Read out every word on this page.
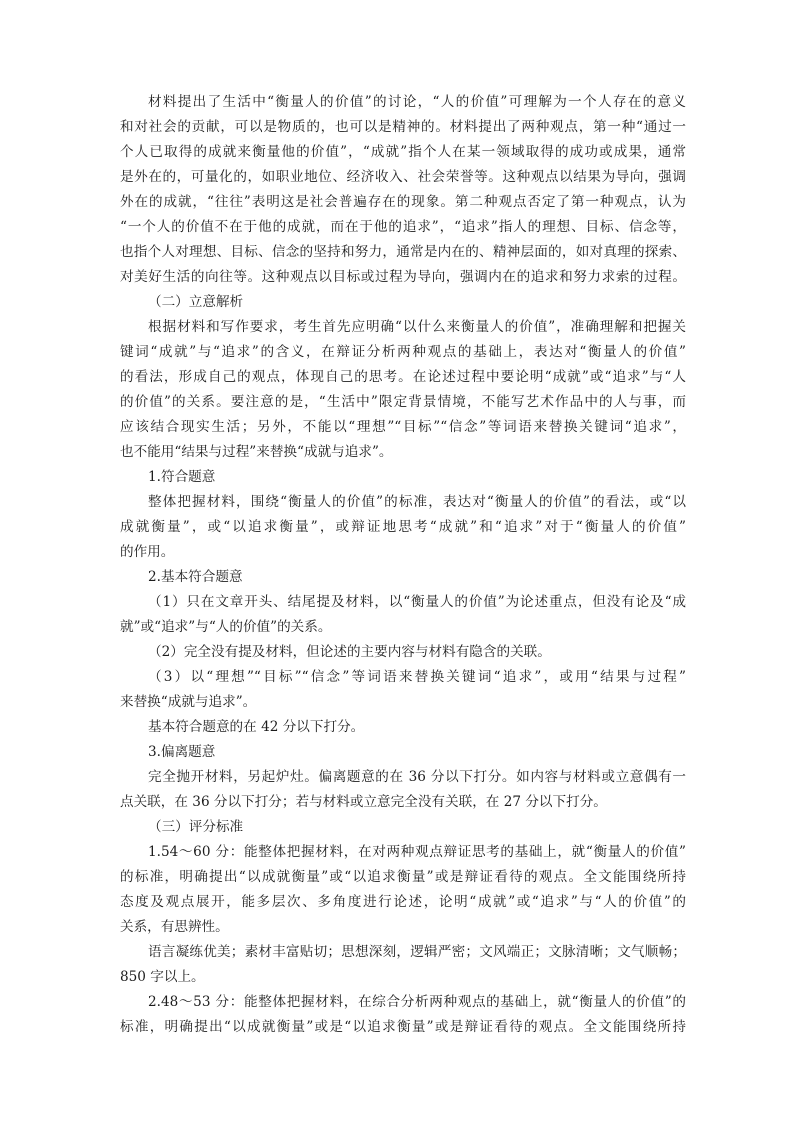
材料提出了生活中“衡量人的价值”的讨论，“人的价值”可理解为一个人存在的意义
和对社会的贡献，可以是物质的，也可以是精神的。材料提出了两种观点，第一种“通过一
个人已取得的成就来衡量他的价值”，“成就”指个人在某一领域取得的成功或成果，通常
是外在的，可量化的，如职业地位、经济收入、社会荣誉等。这种观点以结果为导向，强调
外在的成就，“往往”表明这是社会普遍存在的现象。第二种观点否定了第一种观点，认为
“一个人的价值不在于他的成就，而在于他的追求”，“追求”指人的理想、目标、信念等，
也指个人对理想、目标、信念的坚持和努力，通常是内在的、精神层面的，如对真理的探索、
对美好生活的向往等。这种观点以目标或过程为导向，强调内在的追求和努力求索的过程。
（二）立意解析
根据材料和写作要求，考生首先应明确“以什么来衡量人的价值”，准确理解和把握关
键词“成就”与“追求”的含义，在辩证分析两种观点的基础上，表达对“衡量人的价值”
的看法，形成自己的观点，体现自己的思考。在论述过程中要论明“成就”或“追求”与“人
的价值”的关系。要注意的是，“生活中”限定背景情境，不能写艺术作品中的人与事，而
应该结合现实生活；另外，不能以“理想”“目标”“信念”等词语来替换关键词“追求”，
也不能用“结果与过程”来替换“成就与追求”。
1.符合题意
整体把握材料，围绕“衡量人的价值”的标准，表达对“衡量人的价值”的看法，或“以
成就衡量”，或“以追求衡量”，或辩证地思考“成就”和“追求”对于“衡量人的价值”
的作用。
2.基本符合题意
（1）只在文章开头、结尾提及材料，以“衡量人的价值”为论述重点，但没有论及“成
就”或“追求”与“人的价值”的关系。
（2）完全没有提及材料，但论述的主要内容与材料有隐含的关联。
（3）以“理想”“目标”“信念”等词语来替换关键词“追求”，或用“结果与过程”
来替换“成就与追求”。
基本符合题意的在 42 分以下打分。
3.偏离题意
完全抛开材料，另起炉灶。偏离题意的在 36 分以下打分。如内容与材料或立意偶有一
点关联，在 36 分以下打分；若与材料或立意完全没有关联，在 27 分以下打分。
（三）评分标准
1.54～60 分：能整体把握材料，在对两种观点辩证思考的基础上，就“衡量人的价值”
的标准，明确提出“以成就衡量”或“以追求衡量”或是辩证看待的观点。全文能围绕所持
态度及观点展开，能多层次、多角度进行论述，论明“成就”或“追求”与“人的价值”的
关系，有思辨性。
语言凝练优美；素材丰富贴切；思想深刻，逻辑严密；文风端正；文脉清晰；文气顺畅；
850 字以上。
2.48～53 分：能整体把握材料，在综合分析两种观点的基础上，就“衡量人的价值”的
标准，明确提出“以成就衡量”或是“以追求衡量”或是辩证看待的观点。全文能围绕所持
